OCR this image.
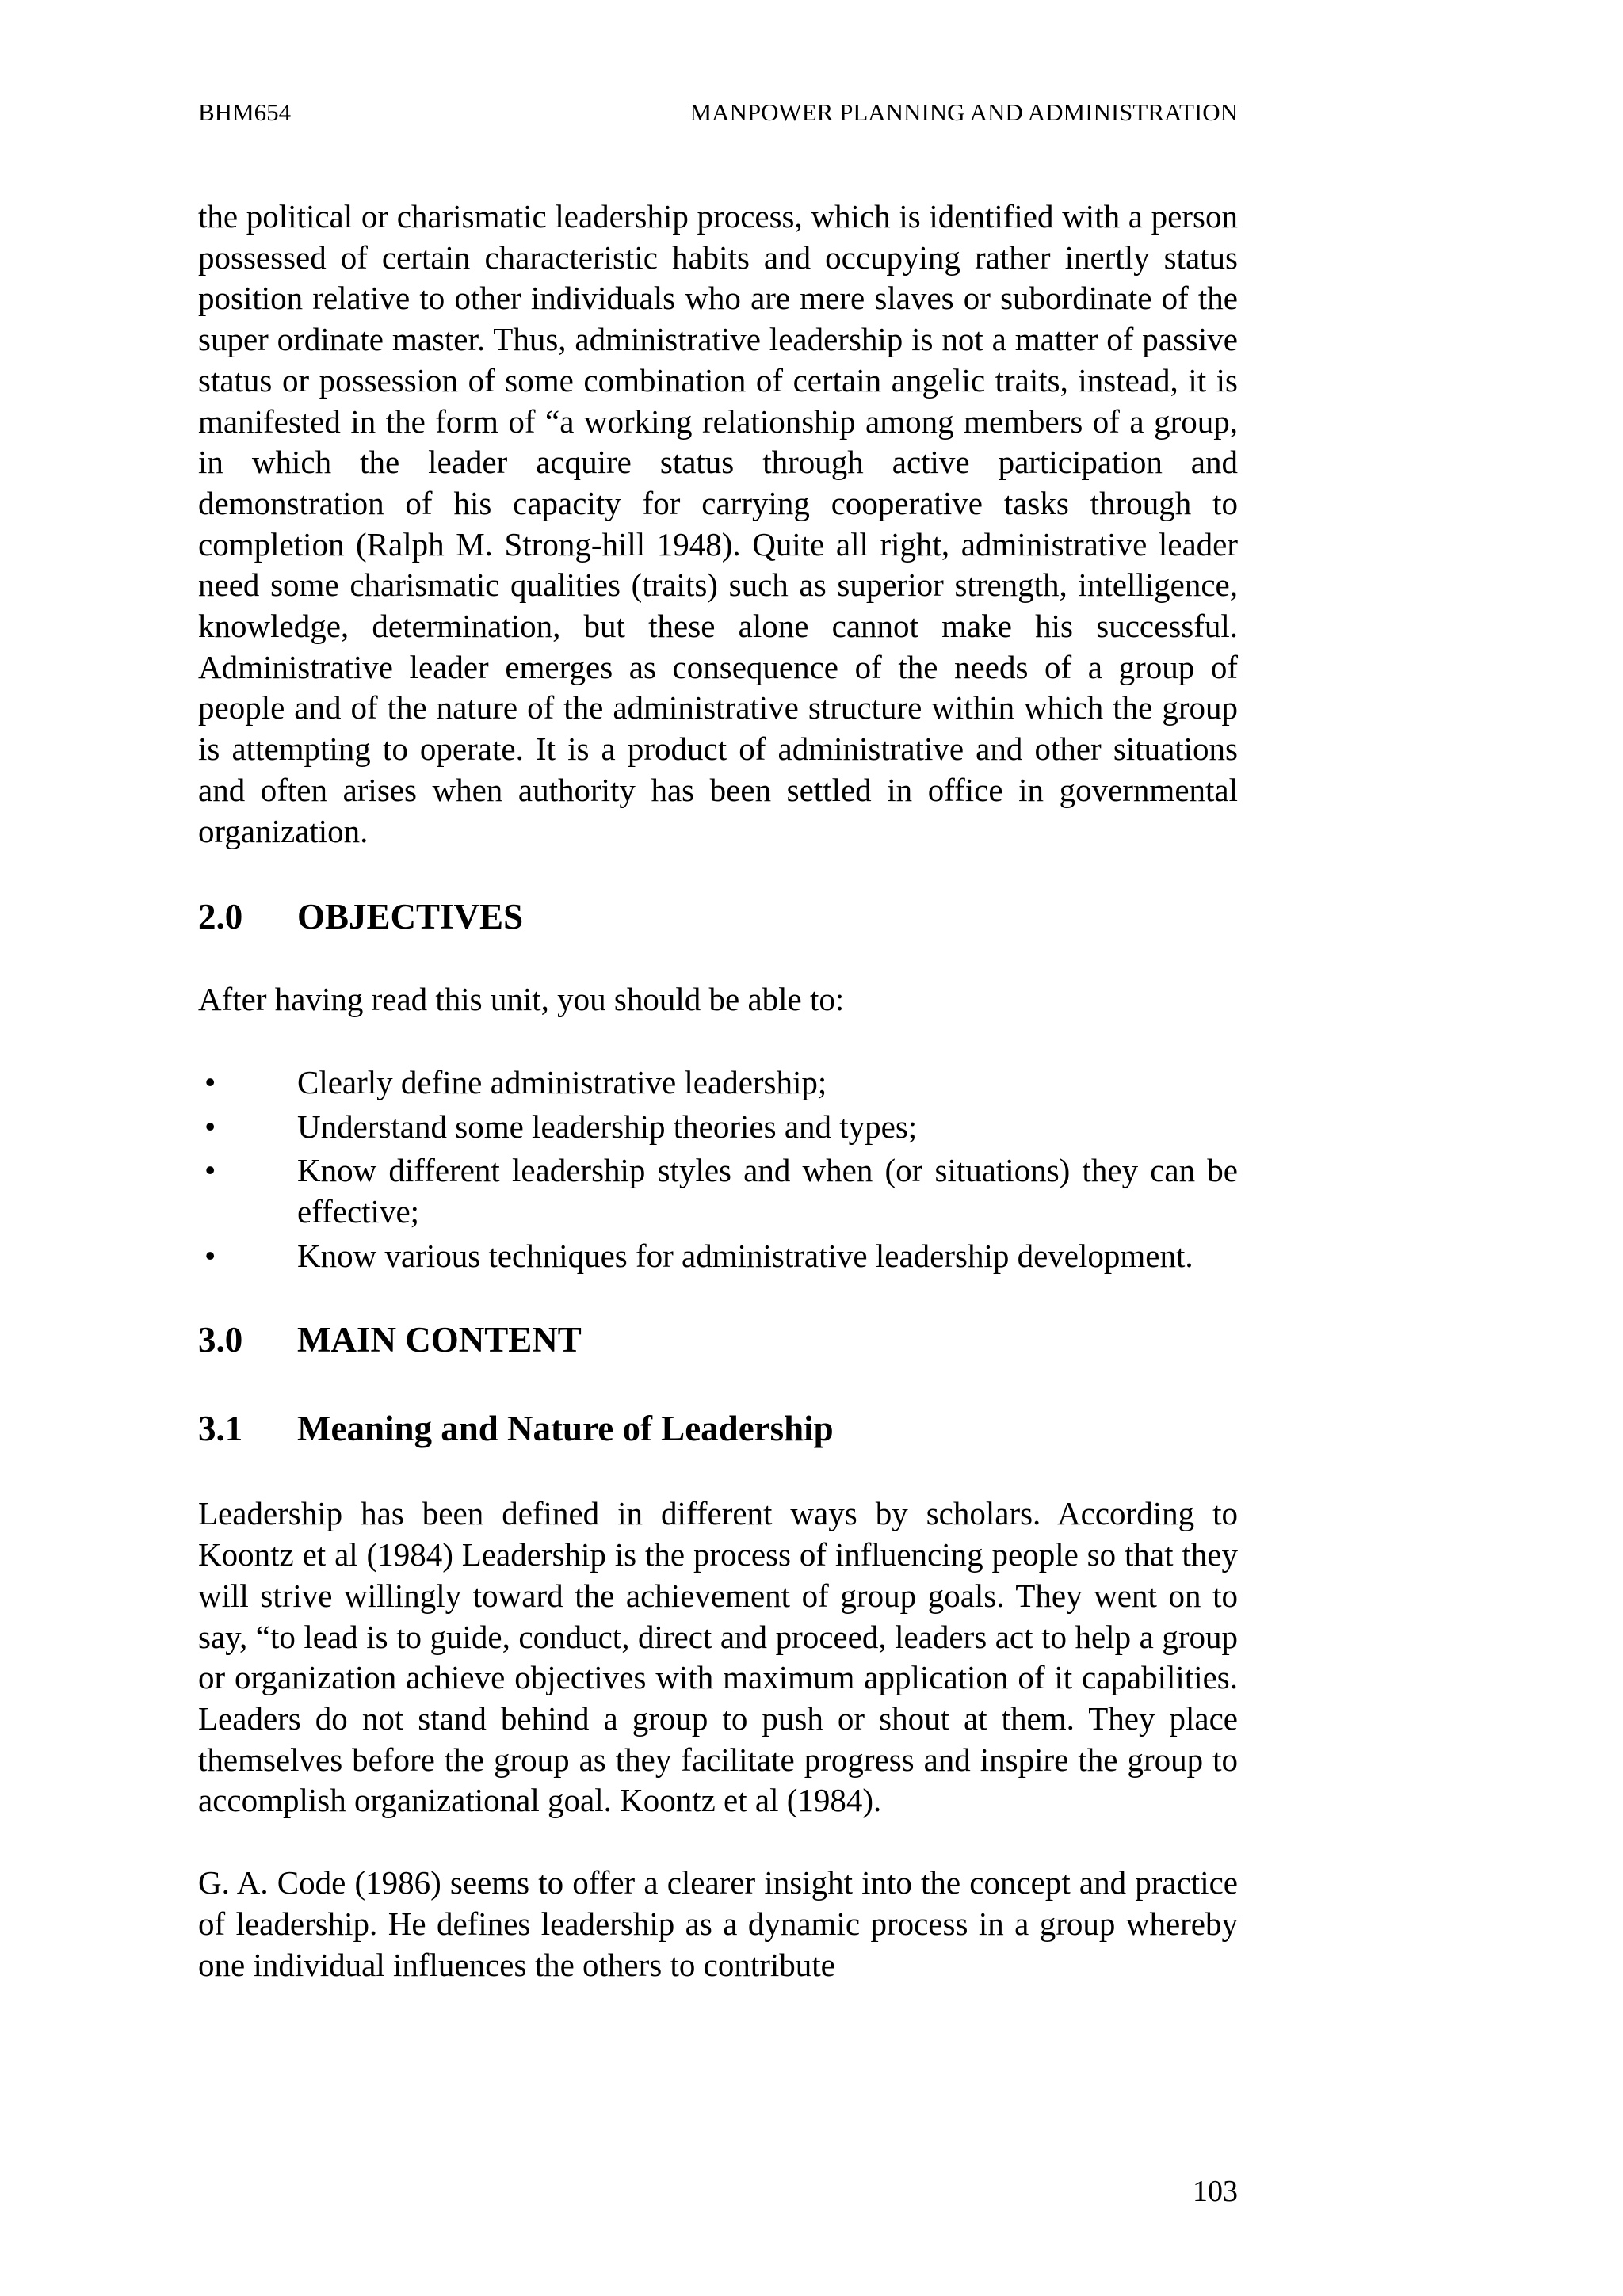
BHM654	MANPOWER PLANNING AND ADMINISTRATION

the political or charismatic leadership process, which is identified with a person possessed of certain characteristic habits and occupying rather inertly status position relative to other individuals who are mere slaves or subordinate of the super ordinate master. Thus, administrative leadership is not a matter of passive status or possession of some combination of certain angelic traits, instead, it is manifested in the form of “a working relationship among members of a group, in which the leader acquire status through active participation and demonstration of his capacity for carrying cooperative tasks through to completion (Ralph M. Strong-hill 1948). Quite all right, administrative leader need some charismatic qualities (traits) such as superior strength, intelligence, knowledge, determination, but these alone cannot make his successful. Administrative leader emerges as consequence of the needs of a group of people and of the nature of the administrative structure within which the group is attempting to operate. It is a product of administrative and other situations and often arises when authority has been settled in office in governmental organization.

2.0	OBJECTIVES

After having read this unit, you should be able to:

•	Clearly define administrative leadership;
•	Understand some leadership theories and types;
•	Know different leadership styles and when (or situations) they can be effective;
•	Know various techniques for administrative leadership development.
3.0	MAIN CONTENT
3.1	Meaning and Nature of Leadership

Leadership has been defined in different ways by scholars. According to Koontz et al (1984) Leadership is the process of influencing people so that they will strive willingly toward the achievement of group goals. They went on to say, “to lead is to guide, conduct, direct and proceed, leaders act to help a group or organization achieve objectives with maximum application of it capabilities. Leaders do not stand behind a group to push or shout at them. They place themselves before the group as they facilitate progress and inspire the group to accomplish organizational goal. Koontz et al (1984).

G. A. Code (1986) seems to offer a clearer insight into the concept and practice of leadership. He defines leadership as a dynamic process in a group whereby one individual influences the others to contribute

103
